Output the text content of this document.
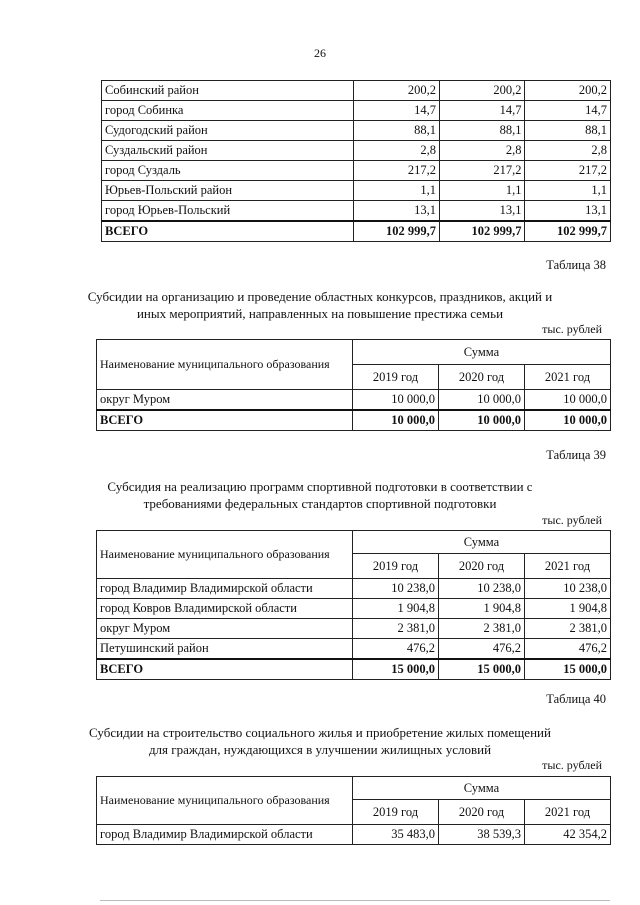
26
Собинский район	200,2	200,2	200,2
город Собинка	14,7	14,7	14,7
Судогодский район	88,1	88,1	88,1
Суздальский район	2,8	2,8	2,8
город Суздаль	217,2	217,2	217,2
Юрьев-Польский район	1,1	1,1	1,1
город Юрьев-Польский	13,1	13,1	13,1
ВСЕГО	102 999,7	102 999,7	102 999,7
Таблица 38
Субсидии на организацию и проведение областных конкурсов, праздников, акций и иных мероприятий, направленных на повышение престижа семьи
тыс. рублей
Наименование муниципального образования	Сумма		
	2019 год	2020 год	2021 год
округ Муром	10 000,0	10 000,0	10 000,0
ВСЕГО	10 000,0	10 000,0	10 000,0
Таблица 39
Субсидия на реализацию программ спортивной подготовки в соответствии с требованиями федеральных стандартов спортивной подготовки
тыс. рублей
Наименование муниципального образования	Сумма		
	2019 год	2020 год	2021 год
город Владимир Владимирской области	10 238,0	10 238,0	10 238,0
город Ковров Владимирской области	1 904,8	1 904,8	1 904,8
округ Муром	2 381,0	2 381,0	2 381,0
Петушинский район	476,2	476,2	476,2
ВСЕГО	15 000,0	15 000,0	15 000,0
Таблица 40
Субсидии на строительство социального жилья и приобретение жилых помещений для граждан, нуждающихся в улучшении жилищных условий
тыс. рублей
Наименование муниципального образования	Сумма		
	2019 год	2020 год	2021 год
город Владимир Владимирской области	35 483,0	38 539,3	42 354,2
